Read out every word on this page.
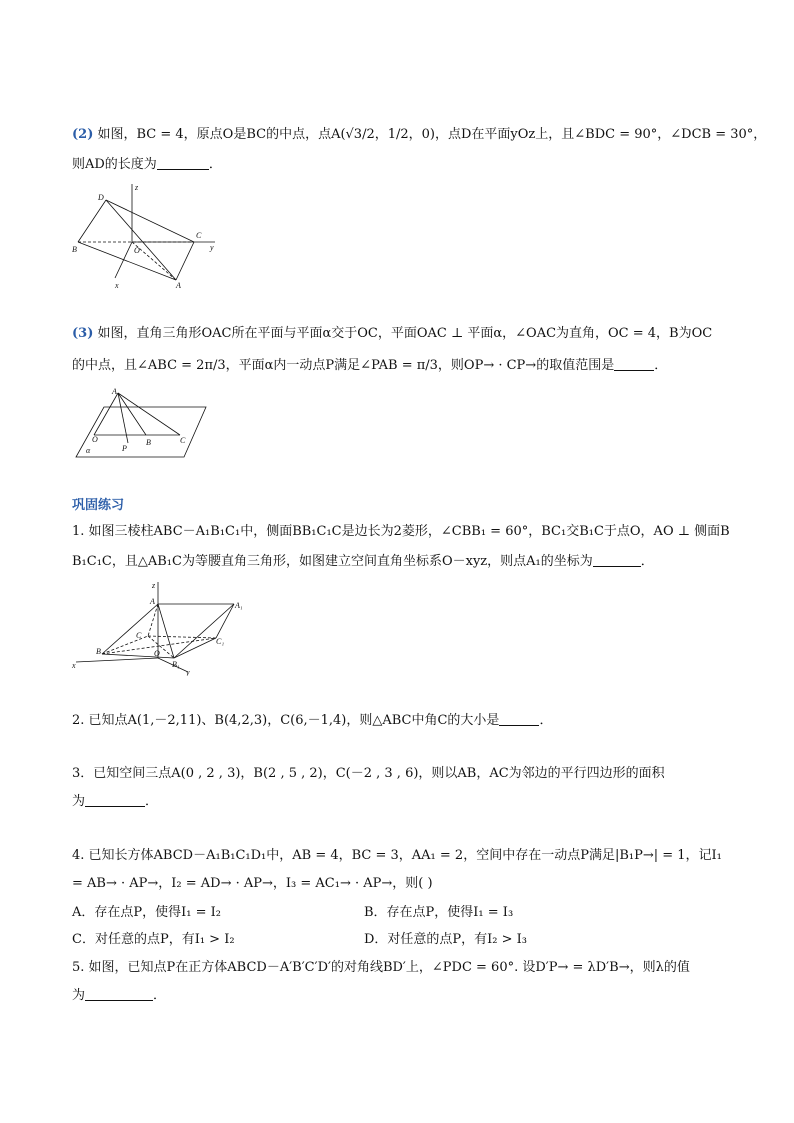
(2) 如图，BC = 4，原点O是BC的中点，点A(√3/2，1/2，0)，点D在平面yOz上，且∠BDC = 90°，∠DCB = 30°，
则AD的长度为	．
D
z
C
y
B	O
x	A
(3) 如图，直角三角形OAC所在平面与平面α交于OC，平面OAC ⊥ 平面α，∠OAC为直角，OC = 4，B为OC
的中点，且∠ABC = 2π/3，平面α内一动点P满足∠PAB = π/3，则OP→ · CP→的取值范围是	．
A
O
P
B	C
α
巩固练习
1. 如图三棱柱ABC－A₁B₁C₁中，侧面BB₁C₁C是边长为2菱形，∠CBB₁ = 60°，BC₁交B₁C于点O，AO ⊥ 侧面B
B₁C₁C，且△AB₁C为等腰直角三角形，如图建立空间直角坐标系O－xyz，则点A₁的坐标为	．
z
A	A₁
C
C₁
B	O
B₁
x
y
2. 已知点A(1,－2,11)、B(4,2,3)，C(6,－1,4)，则△ABC中角C的大小是	．
3．已知空间三点A(0 , 2 , 3)，B(2 , 5 , 2)，C(－2 , 3 , 6)，则以AB，AC为邻边的平行四边形的面积
为	．
4. 已知长方体ABCD－A₁B₁C₁D₁中，AB = 4，BC = 3，AA₁ = 2，空间中存在一动点P满足|B₁P→| = 1，记I₁
= AB→ · AP→，I₂ = AD→ · AP→，I₃ = AC₁→ · AP→，则( )
A．存在点P，使得I₁ = I₂	B．存在点P，使得I₁ = I₃
C．对任意的点P，有I₁ > I₂	D．对任意的点P，有I₂ > I₃
5. 如图，已知点P在正方体ABCD－A′B′C′D′的对角线BD′上，∠PDC = 60°. 设D′P→ = λD′B→，则λ的值
为	．
